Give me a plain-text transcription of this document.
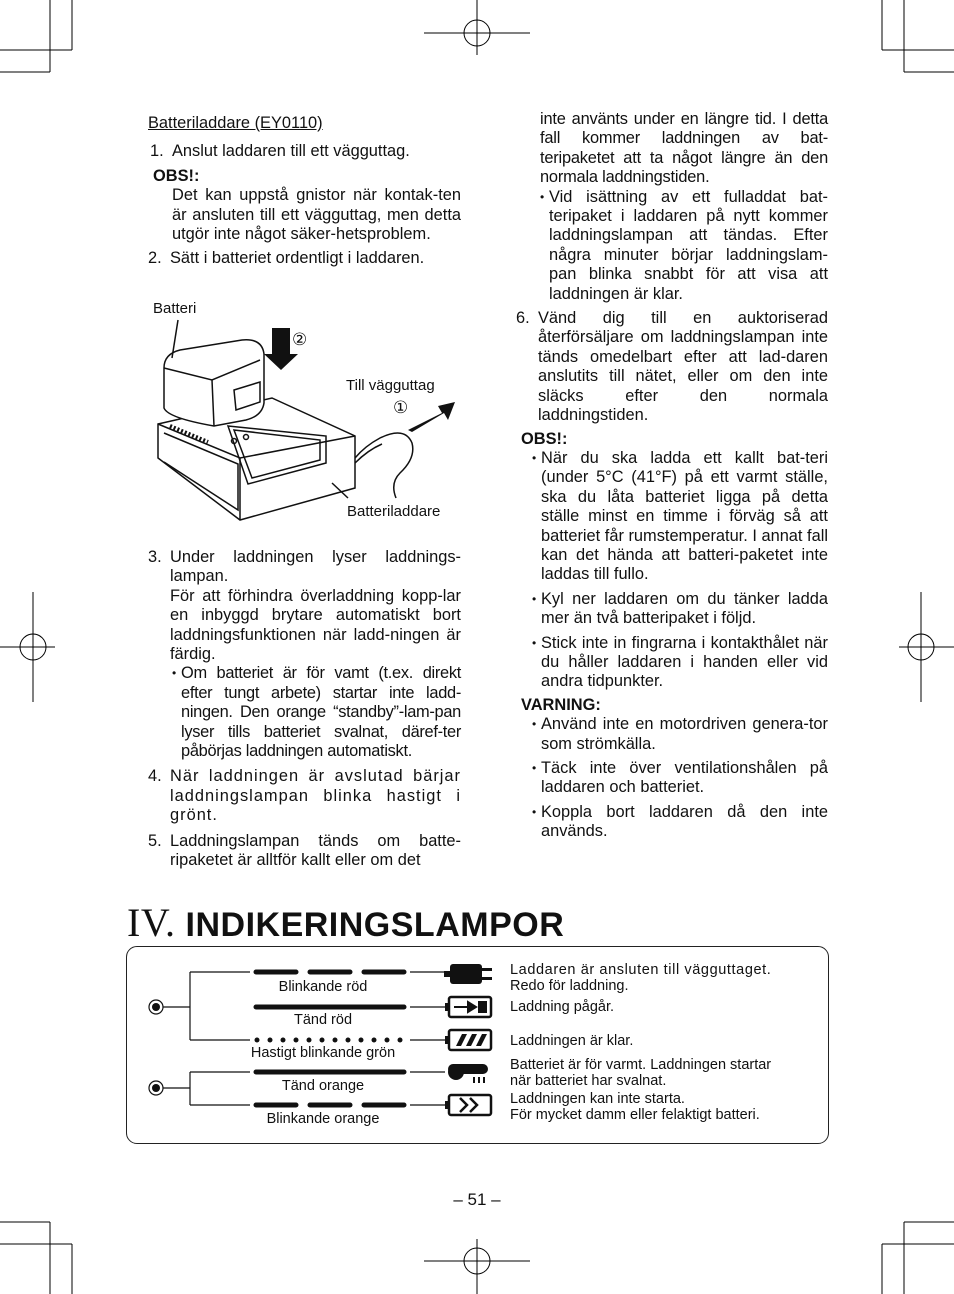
Batteriladdare (EY0110)

1. Anslut laddaren till ett vägguttag.

OBS!:

Det kan uppstå gnistor när kontak-ten är ansluten till ett vägguttag, men detta utgör inte något säker-hetsproblem.

2. Sätt i batteriet ordentligt i laddaren.
Batteri
②
Till vägguttag
①
Batteriladdare
3. Under laddningen lyser laddnings-lampan.
För att förhindra överladdning kopp-lar en inbyggd brytare automatiskt bort laddningsfunktionen när ladd-ningen är färdig.
• Om batteriet är för vamt (t.ex. direkt efter tungt arbete) startar inte ladd-ningen. Den orange “standby”-lam-pan lyser tills batteriet svalnat, däref-ter påbörjas laddningen automatiskt.
4. När laddningen är avslutad bärjar laddningslampan blinka hastigt i grönt.
5. Laddningslampan tänds om batte-ripaketet är alltför kallt eller om det

inte använts under en längre tid. I detta fall kommer laddningen av bat-teripaketet att ta något längre än den normala laddningstiden.

• Vid isättning av ett fulladdat bat-teripaket i laddaren på nytt kommer laddningslampan att tändas. Efter några minuter börjar laddningslam-pan blinka snabbt för att visa att laddningen är klar.
6. Vänd dig till en auktoriserad återförsäljare om laddningslampan inte tänds omedelbart efter att lad-daren anslutits till nätet, eller om den inte släcks efter den normala laddningstiden.

OBS!:

• När du ska ladda ett kallt bat-teri (under 5°C (41°F) på ett varmt ställe, ska du låta batteriet ligga på detta ställe minst en timme i förväg så att batteriet får rumstemperatur. I annat fall kan det hända att batteri-paketet inte laddas till fullo.
• Kyl ner laddaren om du tänker ladda mer än två batteripaket i följd.
• Stick inte in fingrarna i kontakthålet när du håller laddaren i handen eller vid andra tidpunkter.

VARNING:

• Använd inte en motordriven genera-tor som strömkälla.
• Täck inte över ventilationshålen på laddaren och batteriet.
• Koppla bort laddaren då den inte används.
IV. INDIKERINGSLAMPOR
Blinkande röd
Tänd röd
Hastigt blinkande grön
Tänd orange
Blinkande orange
Laddaren är ansluten till vägguttaget.
Redo för laddning.
Laddning pågår.
Laddningen är klar.
Batteriet är för varmt. Laddningen startar
när batteriet har svalnat.
Laddningen kan inte starta.
För mycket damm eller felaktigt batteri.
– 51 –
